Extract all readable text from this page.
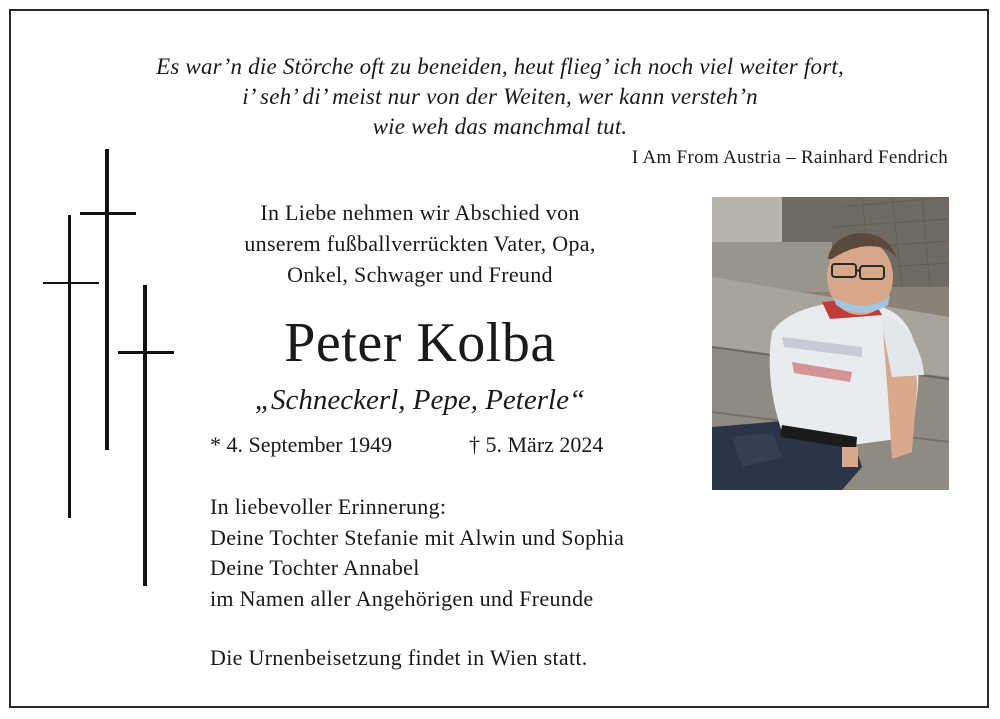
Es war’n die Störche oft zu beneiden, heut flieg’ ich noch viel weiter fort,
i’ seh’ di’ meist nur von der Weiten, wer kann versteh’n
wie weh das manchmal tut.
I Am From Austria – Rainhard Fendrich
In Liebe nehmen wir Abschied von
unserem fußballverrückten Vater, Opa,
Onkel, Schwager und Freund
Peter Kolba
„Schneckerl, Pepe, Peterle“
* 4. September 1949	† 5. März 2024
In liebevoller Erinnerung:
Deine Tochter Stefanie mit Alwin und Sophia
Deine Tochter Annabel
im Namen aller Angehörigen und Freunde
Die Urnenbeisetzung findet in Wien statt.
